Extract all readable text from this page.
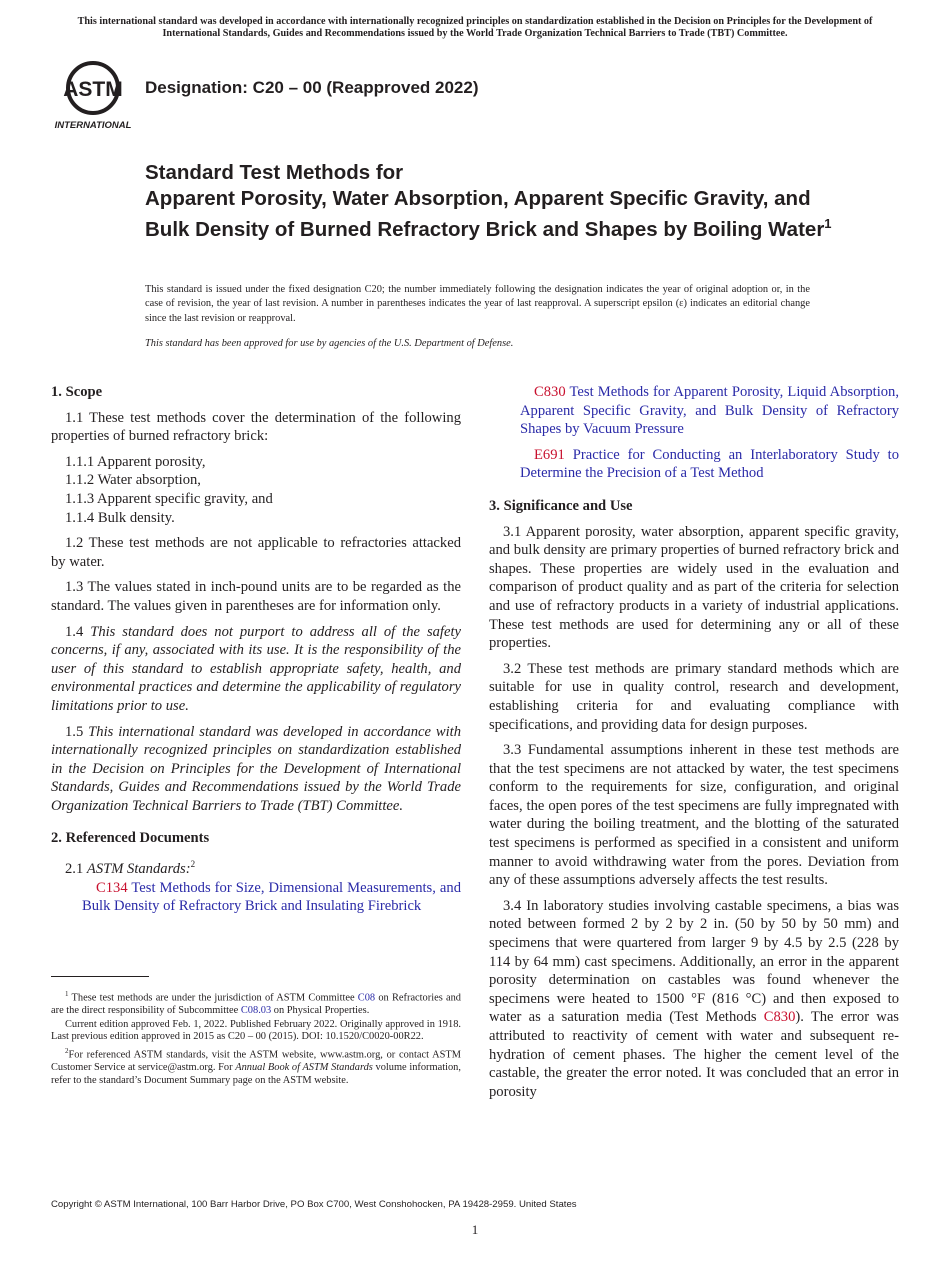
This international standard was developed in accordance with internationally recognized principles on standardization established in the Decision on Principles for the Development of International Standards, Guides and Recommendations issued by the World Trade Organization Technical Barriers to Trade (TBT) Committee.
ASTM
INTERNATIONAL
Designation: C20 – 00 (Reapproved 2022)
Standard Test Methods for
Apparent Porosity, Water Absorption, Apparent Specific Gravity, and Bulk Density of Burned Refractory Brick and Shapes by Boiling Water$^1$
This standard is issued under the fixed designation C20; the number immediately following the designation indicates the year of original adoption or, in the case of revision, the year of last revision. A number in parentheses indicates the year of last reapproval. A superscript epsilon (ε) indicates an editorial change since the last revision or reapproval.
This standard has been approved for use by agencies of the U.S. Department of Defense.
1. Scope

1.1 These test methods cover the determination of the following properties of burned refractory brick:

1.1.1 Apparent porosity,

1.1.2 Water absorption,

1.1.3 Apparent specific gravity, and

1.1.4 Bulk density.

1.2 These test methods are not applicable to refractories attacked by water.

1.3 The values stated in inch-pound units are to be regarded as the standard. The values given in parentheses are for information only.

1.4 This standard does not purport to address all of the safety concerns, if any, associated with its use. It is the responsibility of the user of this standard to establish appropriate safety, health, and environmental practices and determine the applicability of regulatory limitations prior to use.

1.5 This international standard was developed in accordance with internationally recognized principles on standardization established in the Decision on Principles for the Development of International Standards, Guides and Recommendations issued by the World Trade Organization Technical Barriers to Trade (TBT) Committee.

2. Referenced Documents

2.1 ASTM Standards:$^2$

C134 Test Methods for Size, Dimensional Measurements, and Bulk Density of Refractory Brick and Insulating Firebrick

C830 Test Methods for Apparent Porosity, Liquid Absorption, Apparent Specific Gravity, and Bulk Density of Refractory Shapes by Vacuum Pressure

E691 Practice for Conducting an Interlaboratory Study to Determine the Precision of a Test Method

3. Significance and Use

3.1 Apparent porosity, water absorption, apparent specific gravity, and bulk density are primary properties of burned refractory brick and shapes. These properties are widely used in the evaluation and comparison of product quality and as part of the criteria for selection and use of refractory products in a variety of industrial applications. These test methods are used for determining any or all of these properties.

3.2 These test methods are primary standard methods which are suitable for use in quality control, research and development, establishing criteria for and evaluating compliance with specifications, and providing data for design purposes.

3.3 Fundamental assumptions inherent in these test methods are that the test specimens are not attacked by water, the test specimens conform to the requirements for size, configuration, and original faces, the open pores of the test specimens are fully impregnated with water during the boiling treatment, and the blotting of the saturated test specimens is performed as specified in a consistent and uniform manner to avoid withdrawing water from the pores. Deviation from any of these assumptions adversely affects the test results.

3.4 In laboratory studies involving castable specimens, a bias was noted between formed 2 by 2 by 2 in. (50 by 50 by 50 mm) and specimens that were quartered from larger 9 by 4.5 by 2.5 (228 by 114 by 64 mm) cast specimens. Additionally, an error in the apparent porosity determination on castables was found whenever the specimens were heated to 1500 °F (816 °C) and then exposed to water as a saturation media (Test Methods C830). The error was attributed to reactivity of cement with water and subsequent re-hydration of cement phases. The higher the cement level of the castable, the greater the error noted. It was concluded that an error in porosity

$^1$ These test methods are under the jurisdiction of ASTM Committee C08 on Refractories and are the direct responsibility of Subcommittee C08.03 on Physical Properties.

Current edition approved Feb. 1, 2022. Published February 2022. Originally approved in 1918. Last previous edition approved in 2015 as C20 – 00 (2015). DOI: 10.1520/C0020-00R22.

$^2$For referenced ASTM standards, visit the ASTM website, www.astm.org, or contact ASTM Customer Service at service@astm.org. For Annual Book of ASTM Standards volume information, refer to the standard’s Document Summary page on the ASTM website.

Copyright © ASTM International, 100 Barr Harbor Drive, PO Box C700, West Conshohocken, PA 19428-2959. United States
1
